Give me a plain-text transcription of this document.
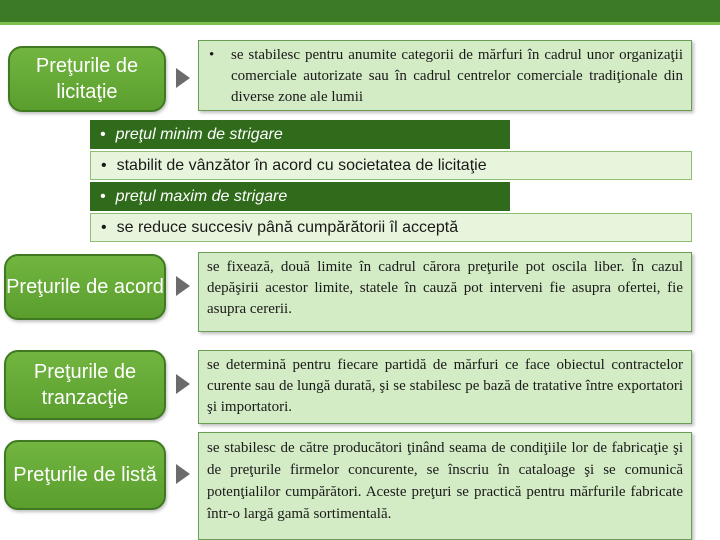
Preţurile de licitaţie
•	se stabilesc pentru anumite categorii de mărfuri în cadrul unor organizaţii comerciale autorizate sau în cadrul centrelor comerciale tradiţionale din diverse zone ale lumii
• preţul minim de strigare
• stabilit de vânzător în acord cu societatea de licitaţie
• preţul maxim de strigare
• se reduce succesiv până cumpărătorii îl acceptă
Preţurile de acord
se fixează, două limite în cadrul cărora preţurile pot oscila liber. În cazul depăşirii acestor limite, statele în cauză pot interveni fie asupra ofertei, fie asupra cererii.
Preţurile de tranzacţie
se determină pentru fiecare partidă de mărfuri ce face obiectul contractelor curente sau de lungă durată, şi se stabilesc pe bază de tratative între exportatori şi importatori.
Preţurile de listă
se stabilesc de către producători ţinând seama de condiţiile lor de fabricaţie şi de preţurile firmelor concurente, se înscriu în cataloage şi se comunică potenţialilor cumpărători. Aceste preţuri se practică pentru mărfurile fabricate într-o largă gamă sortimentală.
